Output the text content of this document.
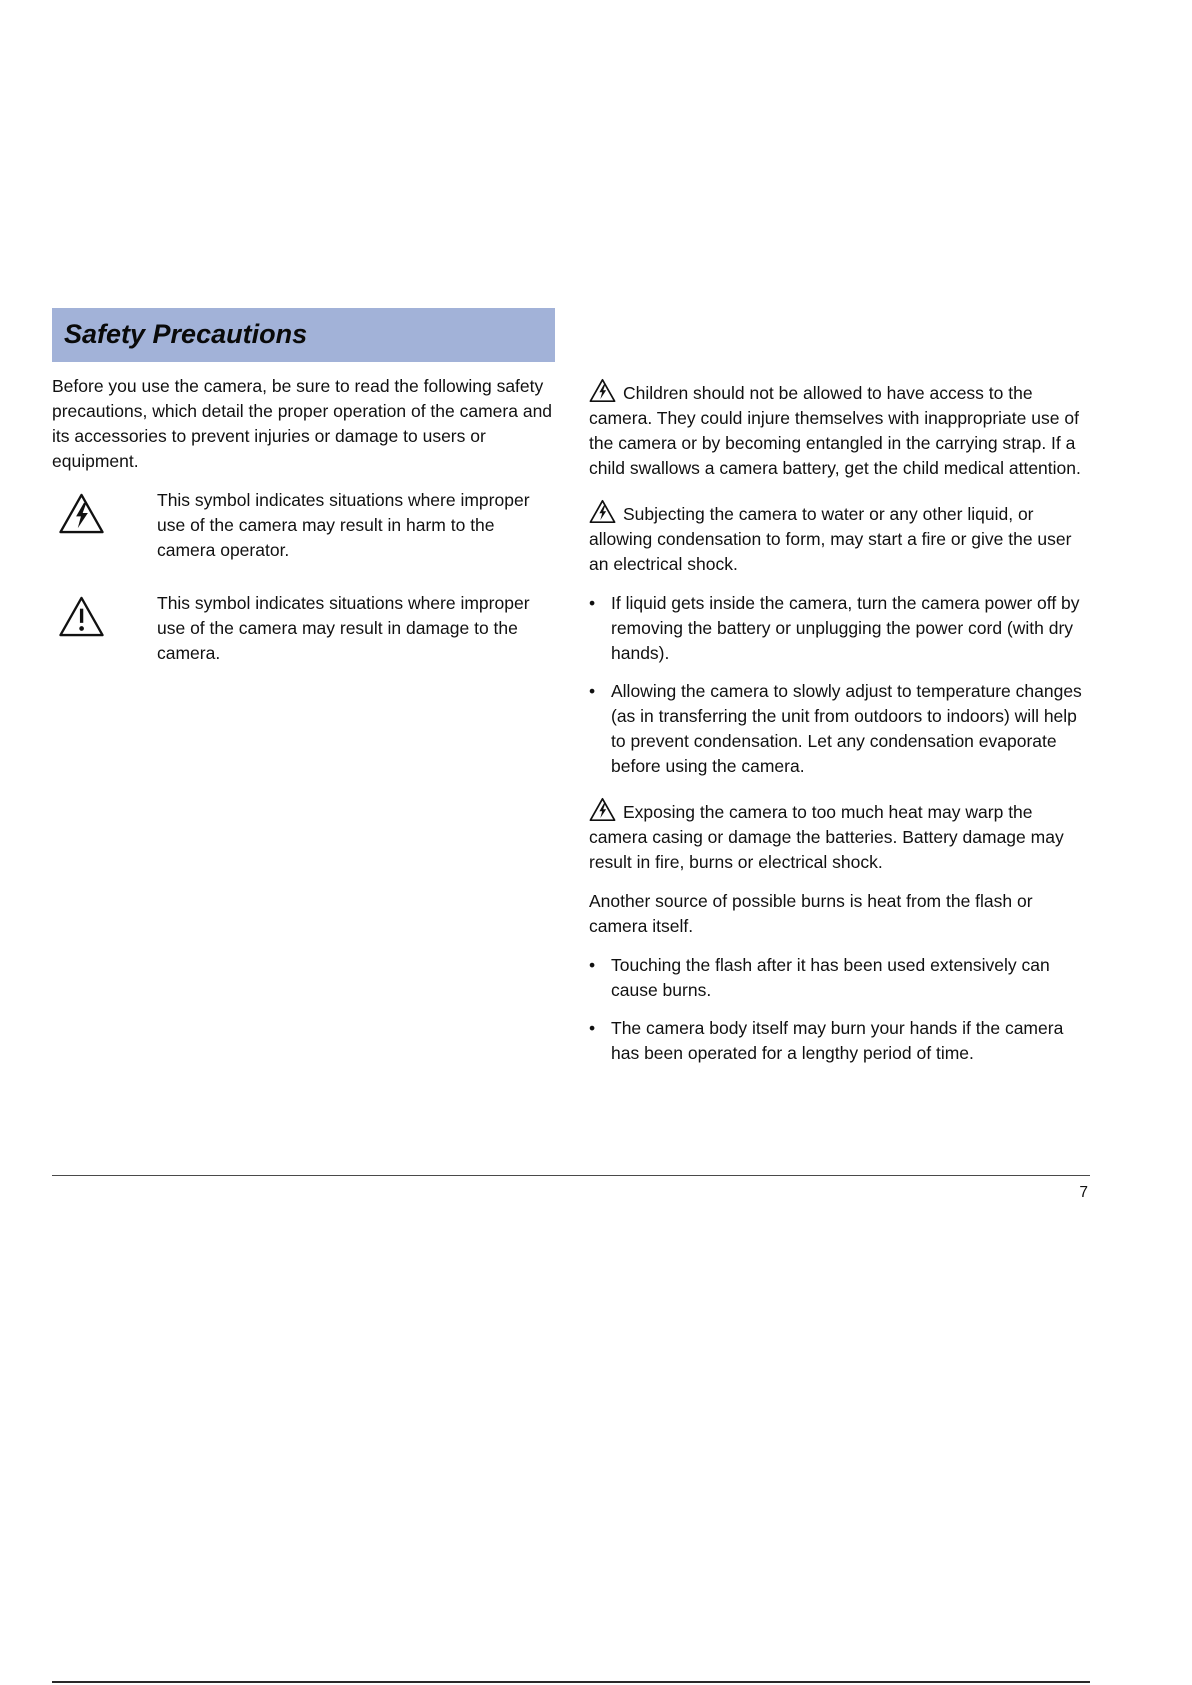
Safety Precautions

Before you use the camera, be sure to read the following safety precautions, which detail the proper operation of the camera and its accessories to prevent injuries or damage to users or equipment.

This symbol indicates situations where improper use of the camera may result in harm to the camera operator.
This symbol indicates situations where improper use of the camera may result in damage to the camera.

Children should not be allowed to have access to the camera. They could injure themselves with inappropriate use of the camera or by becoming entangled in the carrying strap. If a child swallows a camera battery, get the child medical attention.

Subjecting the camera to water or any other liquid, or allowing condensation to form, may start a fire or give the user an electrical shock.

• If liquid gets inside the camera, turn the camera power off by removing the battery or unplugging the power cord (with dry hands).
• Allowing the camera to slowly adjust to temperature changes (as in transferring the unit from outdoors to indoors) will help to prevent condensation. Let any condensation evaporate before using the camera.

Exposing the camera to too much heat may warp the camera casing or damage the batteries. Battery damage may result in fire, burns or electrical shock.

Another source of possible burns is heat from the flash or camera itself.

• Touching the flash after it has been used extensively can cause burns.
• The camera body itself may burn your hands if the camera has been operated for a lengthy period of time.
7
